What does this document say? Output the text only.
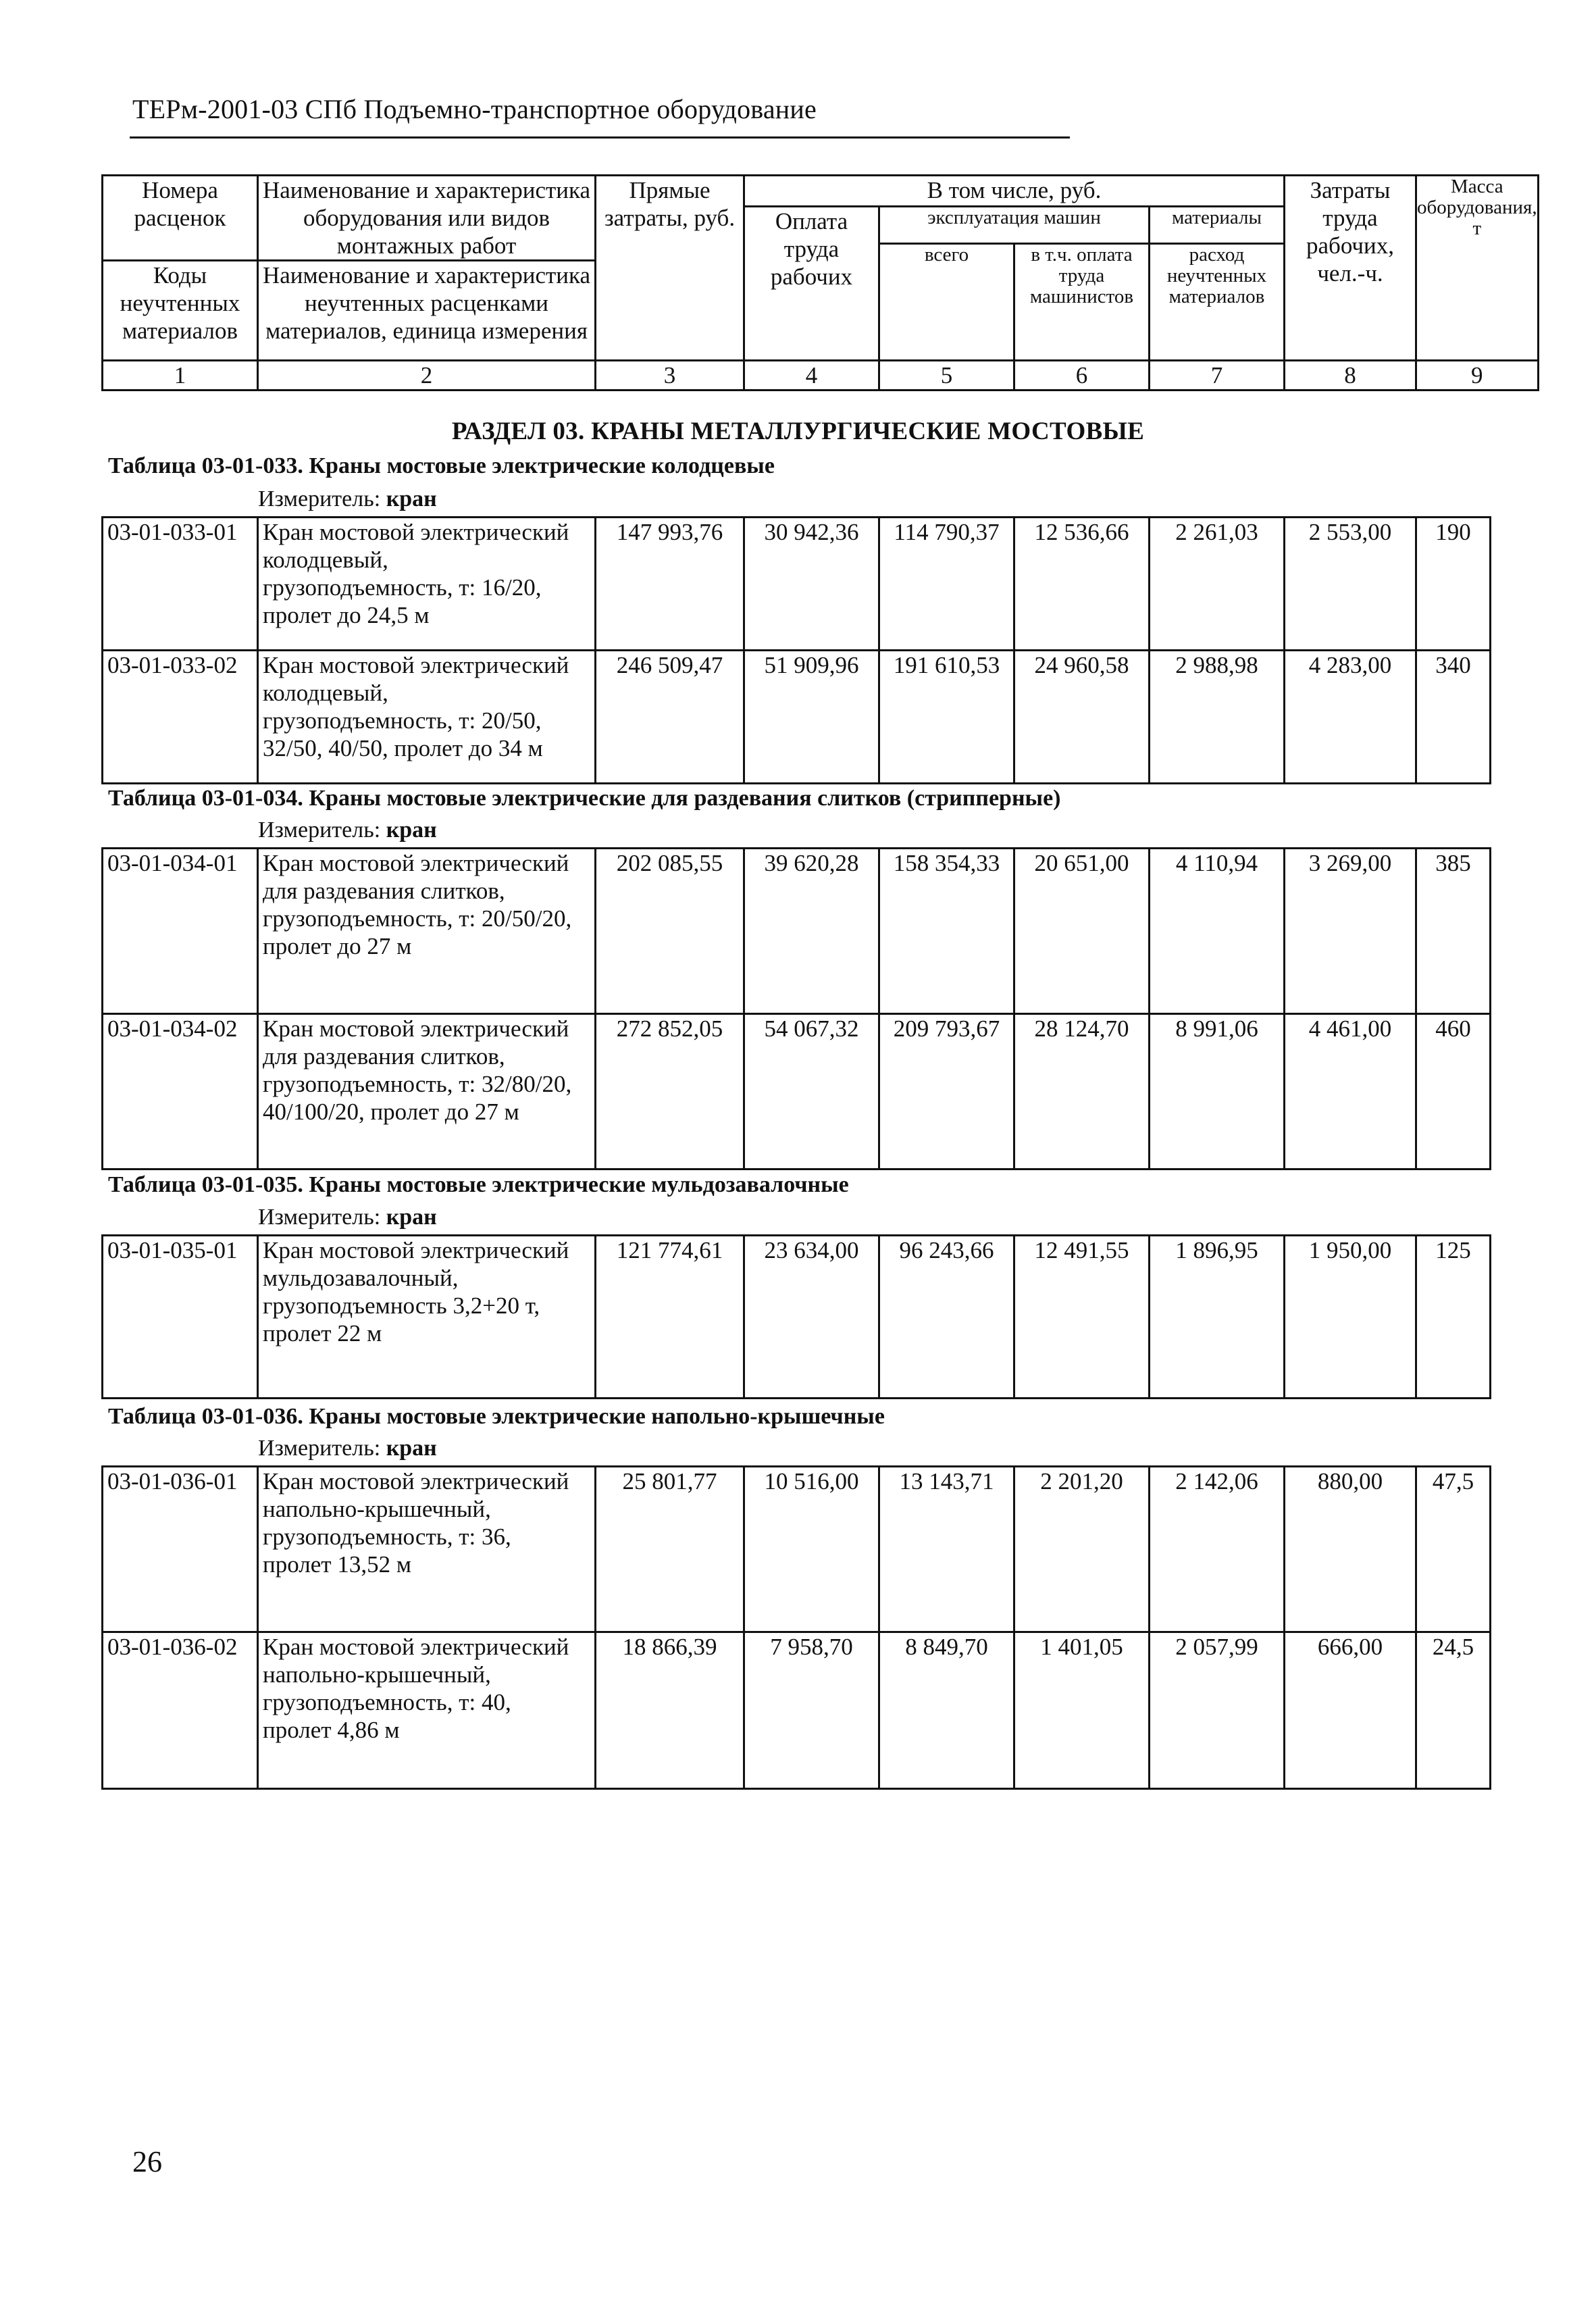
ТЕРм-2001-03 СПб Подъемно-транспортное оборудование
Номера расценок	Наименование и характеристика оборудования или видов монтажных работ	Прямые затраты, руб.	В том числе, руб.				Затраты труда рабочих, чел.-ч.	Масса оборудования, т
			Оплата труда рабочих	эксплуатация машин		материалы		
				всего	в т.ч. оплата труда машинистов	расход неучтенных материалов		
Коды неучтенных материалов	Наименование и характеристика неучтенных расценками материалов, единица измерения							

1	2	3	4	5	6	7	8	9
РАЗДЕЛ 03. КРАНЫ МЕТАЛЛУРГИЧЕСКИЕ МОСТОВЫЕ
Таблица 03-01-033. Краны мостовые электрические колодцевые
Измеритель: кран
03-01-033-01	Кран мостовой электрический
колодцевый,
грузоподъемность, т: 16/20,
пролет до 24,5 м	147 993,76	30 942,36	114 790,37	12 536,66	2 261,03	2 553,00	190
03-01-033-02	Кран мостовой электрический
колодцевый,
грузоподъемность, т: 20/50,
32/50, 40/50, пролет до 34 м	246 509,47	51 909,96	191 610,53	24 960,58	2 988,98	4 283,00	340
Таблица 03-01-034. Краны мостовые электрические для раздевания слитков (стрипперные)
Измеритель: кран
03-01-034-01	Кран мостовой электрический
для раздевания слитков,
грузоподъемность, т: 20/50/20,
пролет до 27 м	202 085,55	39 620,28	158 354,33	20 651,00	4 110,94	3 269,00	385
03-01-034-02	Кран мостовой электрический
для раздевания слитков,
грузоподъемность, т: 32/80/20,
40/100/20, пролет до 27 м	272 852,05	54 067,32	209 793,67	28 124,70	8 991,06	4 461,00	460
Таблица 03-01-035. Краны мостовые электрические мульдозавалочные
Измеритель: кран
03-01-035-01	Кран мостовой электрический
мульдозавалочный,
грузоподъемность 3,2+20 т,
пролет 22 м
	121 774,61	23 634,00	96 243,66	12 491,55	1 896,95	1 950,00	125
Таблица 03-01-036. Краны мостовые электрические напольно-крышечные
Измеритель: кран
03-01-036-01	Кран мостовой электрический
напольно-крышечный,
грузоподъемность, т: 36,
пролет 13,52 м	25 801,77	10 516,00	13 143,71	2 201,20	2 142,06	880,00	47,5
03-01-036-02	Кран мостовой электрический
напольно-крышечный,
грузоподъемность, т: 40,
пролет 4,86 м	18 866,39	7 958,70	8 849,70	1 401,05	2 057,99	666,00	24,5
26
